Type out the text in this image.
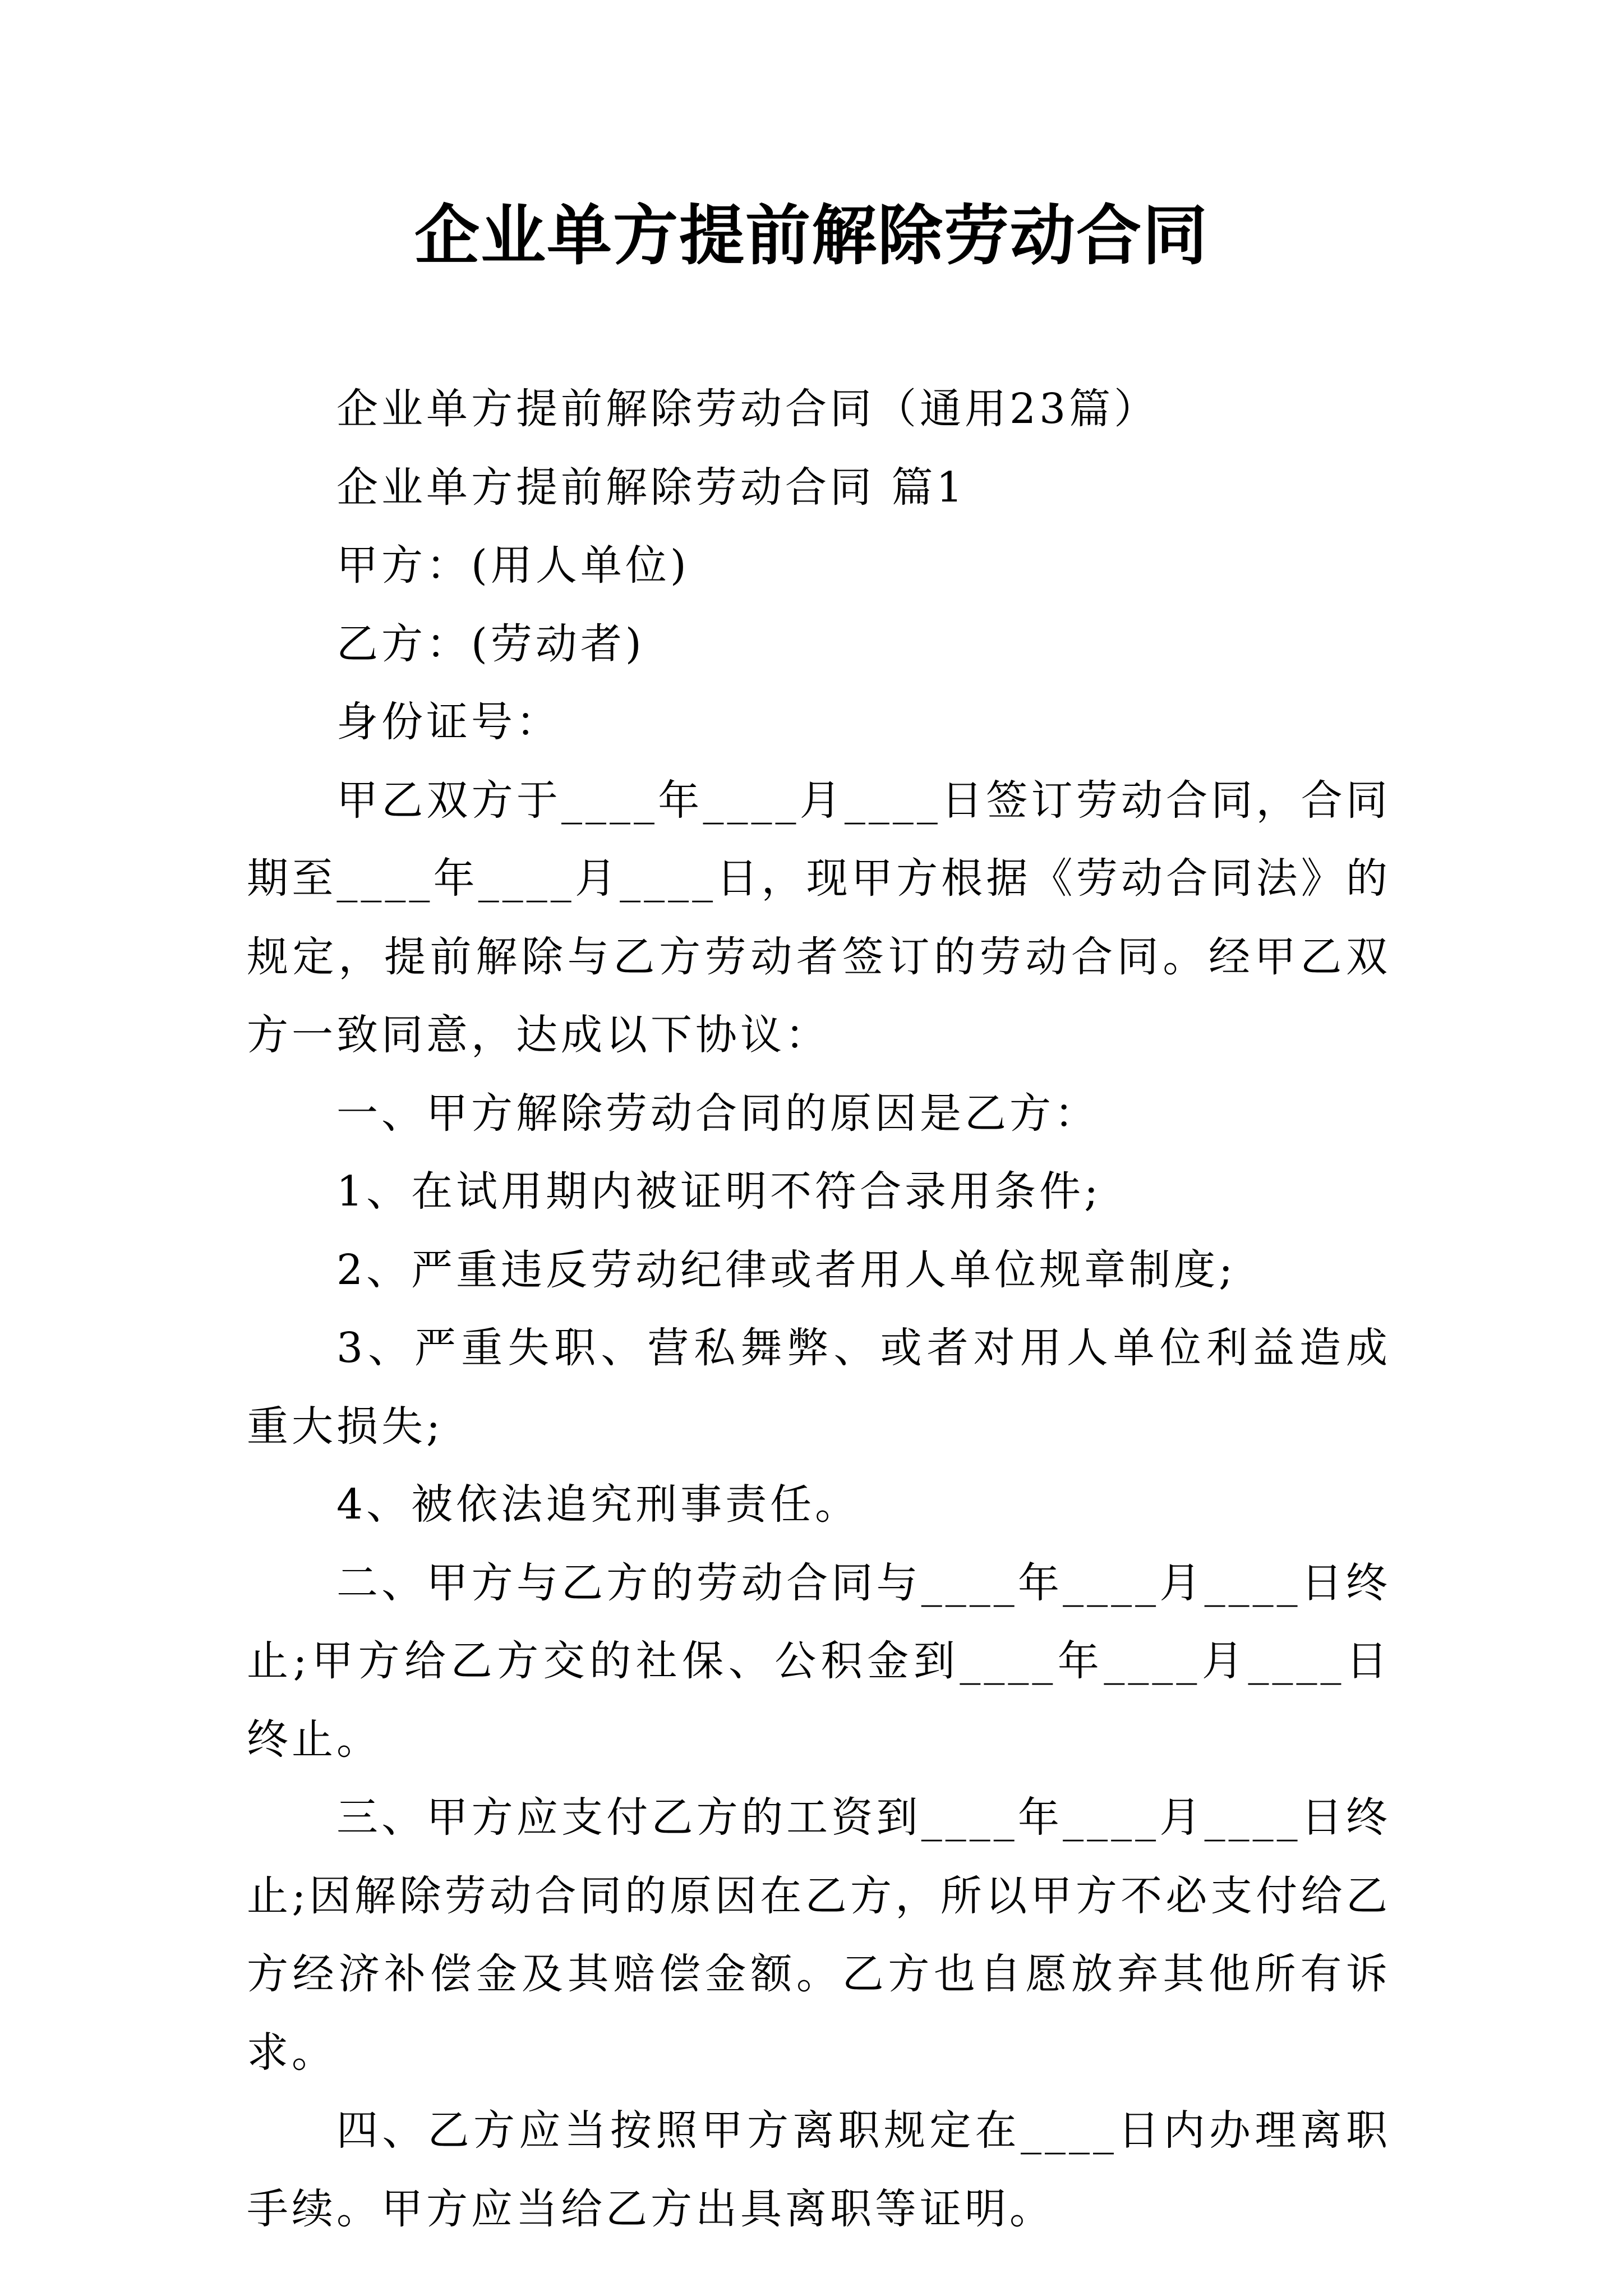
企业单方提前解除劳动合同

企业单方提前解除劳动合同（通用23篇）

企业单方提前解除劳动合同 篇1

甲方：(用人单位)

乙方：(劳动者)

身份证号：

甲乙双方于____年____月____日签订劳动合同，合同期至____年____月____日，现甲方根据《劳动合同法》的规定，提前解除与乙方劳动者签订的劳动合同。经甲乙双方一致同意，达成以下协议：

一、甲方解除劳动合同的原因是乙方：

1、在试用期内被证明不符合录用条件;

2、严重违反劳动纪律或者用人单位规章制度;

3、严重失职、营私舞弊、或者对用人单位利益造成重大损失;

4、被依法追究刑事责任。

二、甲方与乙方的劳动合同与____年____月____日终止;甲方给乙方交的社保、公积金到____年____月____日终止。

三、甲方应支付乙方的工资到____年____月____日终止;因解除劳动合同的原因在乙方，所以甲方不必支付给乙方经济补偿金及其赔偿金额。乙方也自愿放弃其他所有诉求。

四、乙方应当按照甲方离职规定在____日内办理离职手续。甲方应当给乙方出具离职等证明。
